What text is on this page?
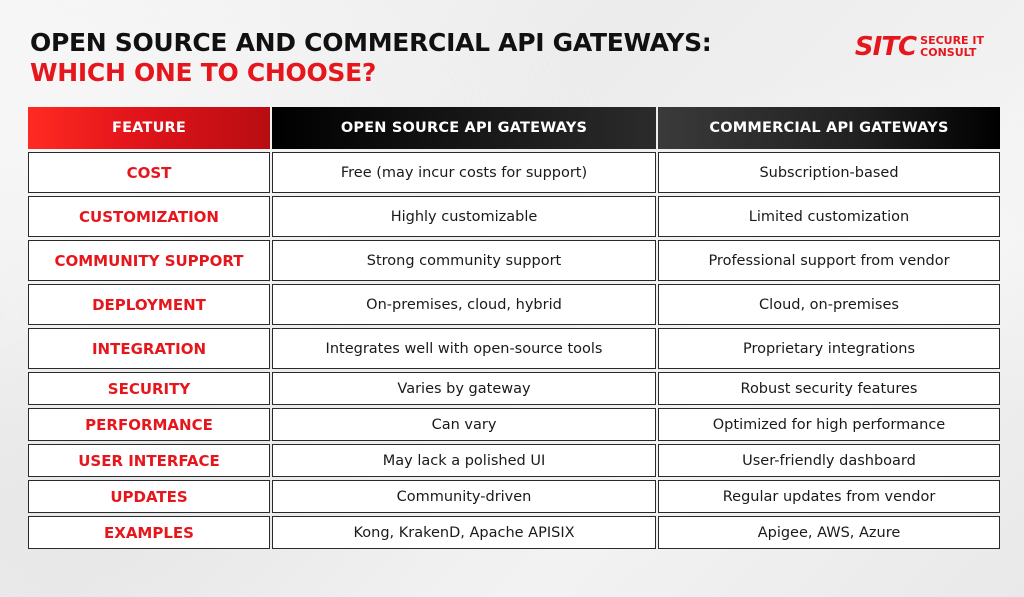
OPEN SOURCE AND COMMERCIAL API GATEWAYS:
WHICH ONE TO CHOOSE?
SITC SECURE IT
CONSULT
FEATURE	OPEN SOURCE API GATEWAYS	COMMERCIAL API GATEWAYS
COST	Free (may incur costs for support)	Subscription-based
CUSTOMIZATION	Highly customizable	Limited customization
COMMUNITY SUPPORT	Strong community support	Professional support from vendor
DEPLOYMENT	On-premises, cloud, hybrid	Cloud, on-premises
INTEGRATION	Integrates well with open-source tools	Proprietary integrations
SECURITY	Varies by gateway	Robust security features
PERFORMANCE	Can vary	Optimized for high performance
USER INTERFACE	May lack a polished UI	User-friendly dashboard
UPDATES	Community-driven	Regular updates from vendor
EXAMPLES	Kong, KrakenD, Apache APISIX	Apigee, AWS, Azure
